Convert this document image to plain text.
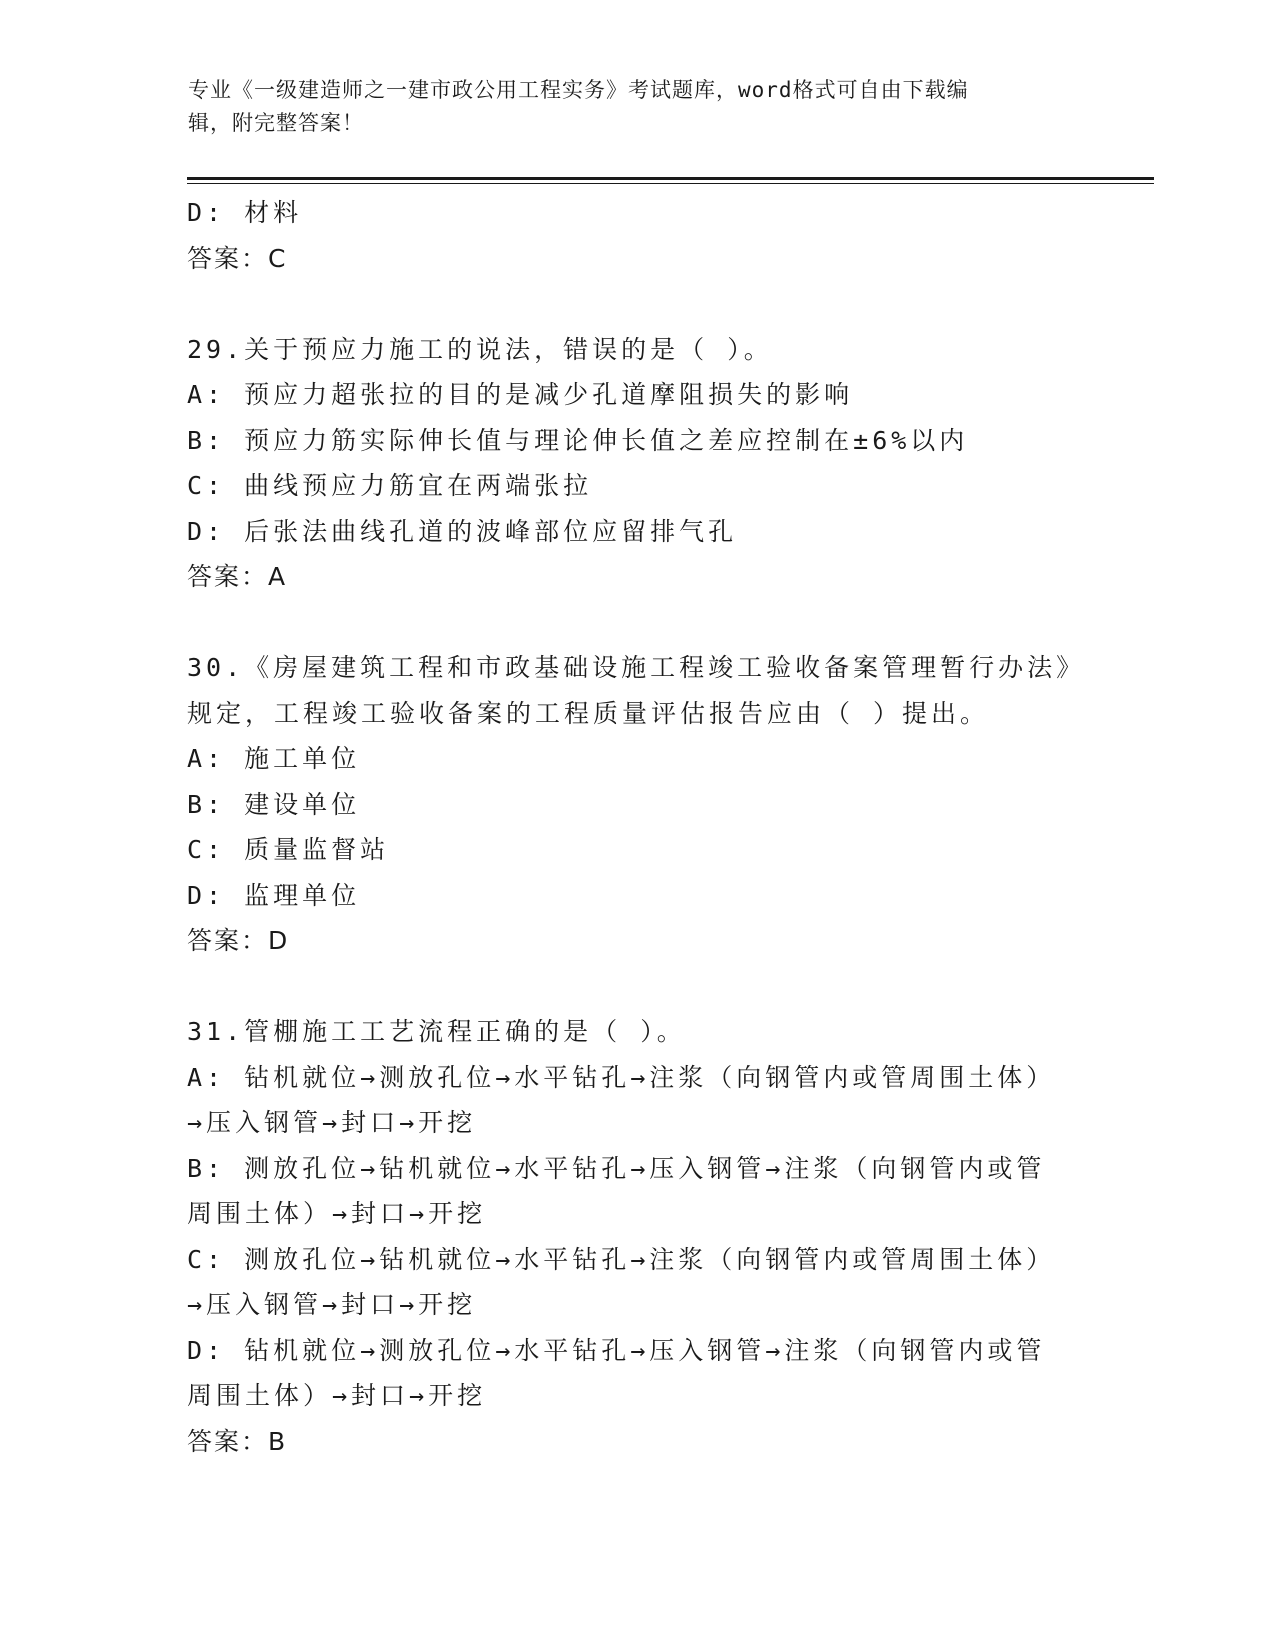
专业《一级建造师之一建市政公用工程实务》考试题库，word格式可自由下载编
辑，附完整答案！
D: 材料
答案：C
29.关于预应力施工的说法，错误的是（ ）。
A: 预应力超张拉的目的是减少孔道摩阻损失的影响
B: 预应力筋实际伸长值与理论伸长值之差应控制在±6%以内
C: 曲线预应力筋宜在两端张拉
D: 后张法曲线孔道的波峰部位应留排气孔
答案：A
30.《房屋建筑工程和市政基础设施工程竣工验收备案管理暂行办法》
规定，工程竣工验收备案的工程质量评估报告应由（ ）提出。
A: 施工单位
B: 建设单位
C: 质量监督站
D: 监理单位
答案：D
31.管棚施工工艺流程正确的是（ ）。
A: 钻机就位→测放孔位→水平钻孔→注浆（向钢管内或管周围土体）
→压入钢管→封口→开挖
B: 测放孔位→钻机就位→水平钻孔→压入钢管→注浆（向钢管内或管
周围土体）→封口→开挖
C: 测放孔位→钻机就位→水平钻孔→注浆（向钢管内或管周围土体）
→压入钢管→封口→开挖
D: 钻机就位→测放孔位→水平钻孔→压入钢管→注浆（向钢管内或管
周围土体）→封口→开挖
答案：B
